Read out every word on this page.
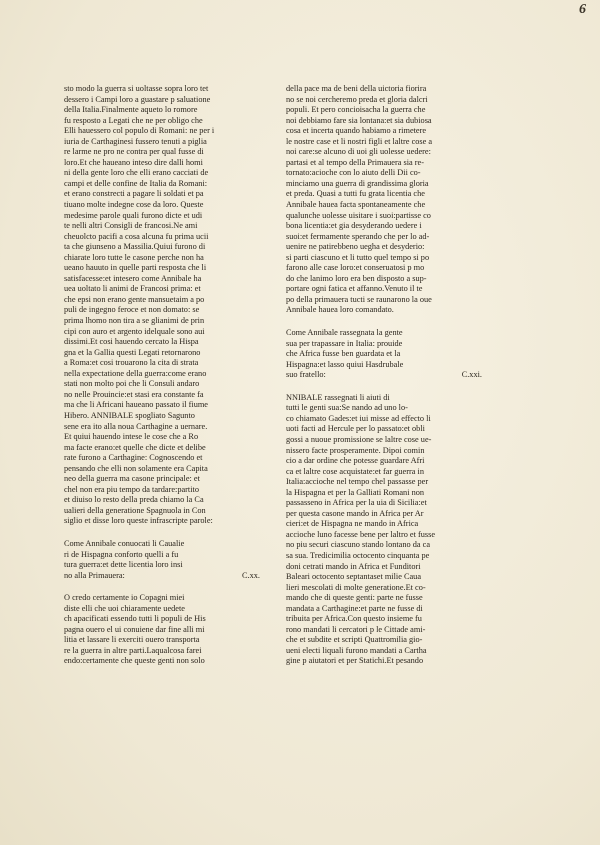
6

sto modo la guerra si uoltasse sopra loro tet

dessero i Campi loro a guastare p saluatione

della Italia.Finalmente aqueto lo romore

fu resposto a Legati che ne per obligo che

Elli hauessero col populo di Romani: ne per i

iuria de Carthaginesi fussero tenuti a piglia

re larme ne pro ne contra per qual fusse di

loro.Et che haueano inteso dire dalli homi

ni della gente loro che elli erano cacciati de

campi et delle confine de Italia da Romani:

et erano constrecti a pagare li soldati et pa

tiuano molte indegne cose da loro. Queste

medesime parole quali furono dicte et udi

te nelli altri Consigli de francosi.Ne ami

cheuolcto pacifi a cosa alcuna fu prima ucii

ta che giunseno a Massilia.Quiui furono di

chiarate loro tutte le casone perche non ha

ueano hauuto in quelle parti resposta che li

satisfacesse:et intesero come Annibale ha

uea uoltato li animi de Francosi prima: et

che epsi non erano gente mansuetaim a po

puli de ingegno feroce et non domato: se

prima lhomo non tira a se glianimi de prin

cipi con auro et argento idelquale sono aui

dissimi.Et cosi hauendo cercato la Hispa

gna et la Gallia questi Legati retornarono

a Roma:et cosi trouarono la cita di strata

nella expectatione della guerra:come erano

stati non molto poi che li Consuli andaro

no nelle Prouincie:et stasi era constante fa

ma che li Africani haueano passato il fiume

Hibero. ANNIBALE spogliato Sagunto

sene era ito alla noua Carthagine a uernare.

Et quiui hauendo intese le cose che a Ro

ma facte erano:et quelle che dicte et delibe

rate furono a Carthagine: Cognoscendo et

pensando che elli non solamente era Capita

neo della guerra ma casone principale: et

chel non era piu tempo da tardare:partito

et diuiso lo resto della preda chiamo la Ca

ualieri della generatione Spagnuola in Con

siglio et disse loro queste infrascripte parole:

Come Annibale conuocati li Caualie

ri de Hispagna conforto quelli a fu

tura guerra:et dette licentia loro insi

no alla Primauera:	C.xx.

O credo certamente io Copagni miei

diste elli che uoi chiaramente uedete

ch apacificati essendo tutti li populi de His

pagna ouero el ui conuiene dar fine alli mi

litia et lassare li exerciti ouero transporta

re la guerra in altre parti.Laqualcosa farei

endo:certamente che queste genti non solo

della pace ma de beni della uictoria fiorira

no se noi cercheremo preda et gloria dalcri

populi. Et pero concioisacha la guerra che

noi debbiamo fare sia lontana:et sia dubiosa

cosa et incerta quando habiamo a rimetere

le nostre case et li nostri figli et laltre cose a

noi care:se alcuno di uoi gli uolesse uedere:

partasi et al tempo della Primauera sia re-

tornato:acioche con lo aiuto delli Dii co-

minciamo una guerra di grandissima gloria

et preda. Quasi a tutti fu grata licentia che

Annibale hauea facta spontaneamente che

qualunche uolesse uisitare i suoi:partisse co

bona licentia:et gia desyderando uedere i

suoi:et fermamente sperando che per lo ad-

uenire ne patirebbeno uegha et desyderio:

si parti ciascuno et li tutto quel tempo si po

farono alle case loro:et conseruatosi p mo

do che lanimo loro era ben disposto a sup-

portare ogni fatica et affanno.Venuto il te

po della primauera tucti se raunarono la oue

Annibale hauea loro comandato.

Come Annibale rassegnata la gente

sua per trapassare in Italia: prouide

che Africa fusse ben guardata et la

Hispagna:et lasso quiui Hasdrubale

suo fratello:	C.xxi.

NNIBALE rassegnati li aiuti di

tutti le genti sua:Se nando ad uno lo-

co chiamato Gades:et iui misse ad effecto li

uoti facti ad Hercule per lo passato:et obli

gossi a nuoue promissione se laltre cose ue-

nissero facte prosperamente. Dipoi comin

cio a dar ordine che potesse guardare Afri

ca et laltre cose acquistate:et far guerra in

Italia:accioche nel tempo chel passasse per

la Hispagna et per la Galliati Romani non

passasseno in Africa per la uia di Sicilia:et

per questa casone mando in Africa per Ar

cieri:et de Hispagna ne mando in Africa

accioche luno facesse bene per laltro et fusse

no piu securi ciascuno stando lontano da ca

sa sua. Tredicimilia octocento cinquanta pe

doni cetrati mando in Africa et Funditori

Baleari octocento septantaset milie Caua

lieri mescolati di molte generatione.Et co-

mando che di queste genti: parte ne fusse

mandata a Carthagine:et parte ne fusse di

tribuita per Africa.Con questo insieme fu

rono mandati li cercatori p le Cittade ami-

che et subdite et scripti Quattromilia gio-

ueni electi liquali furono mandati a Cartha

gine p aiutatori et per Statichi.Et pesando
